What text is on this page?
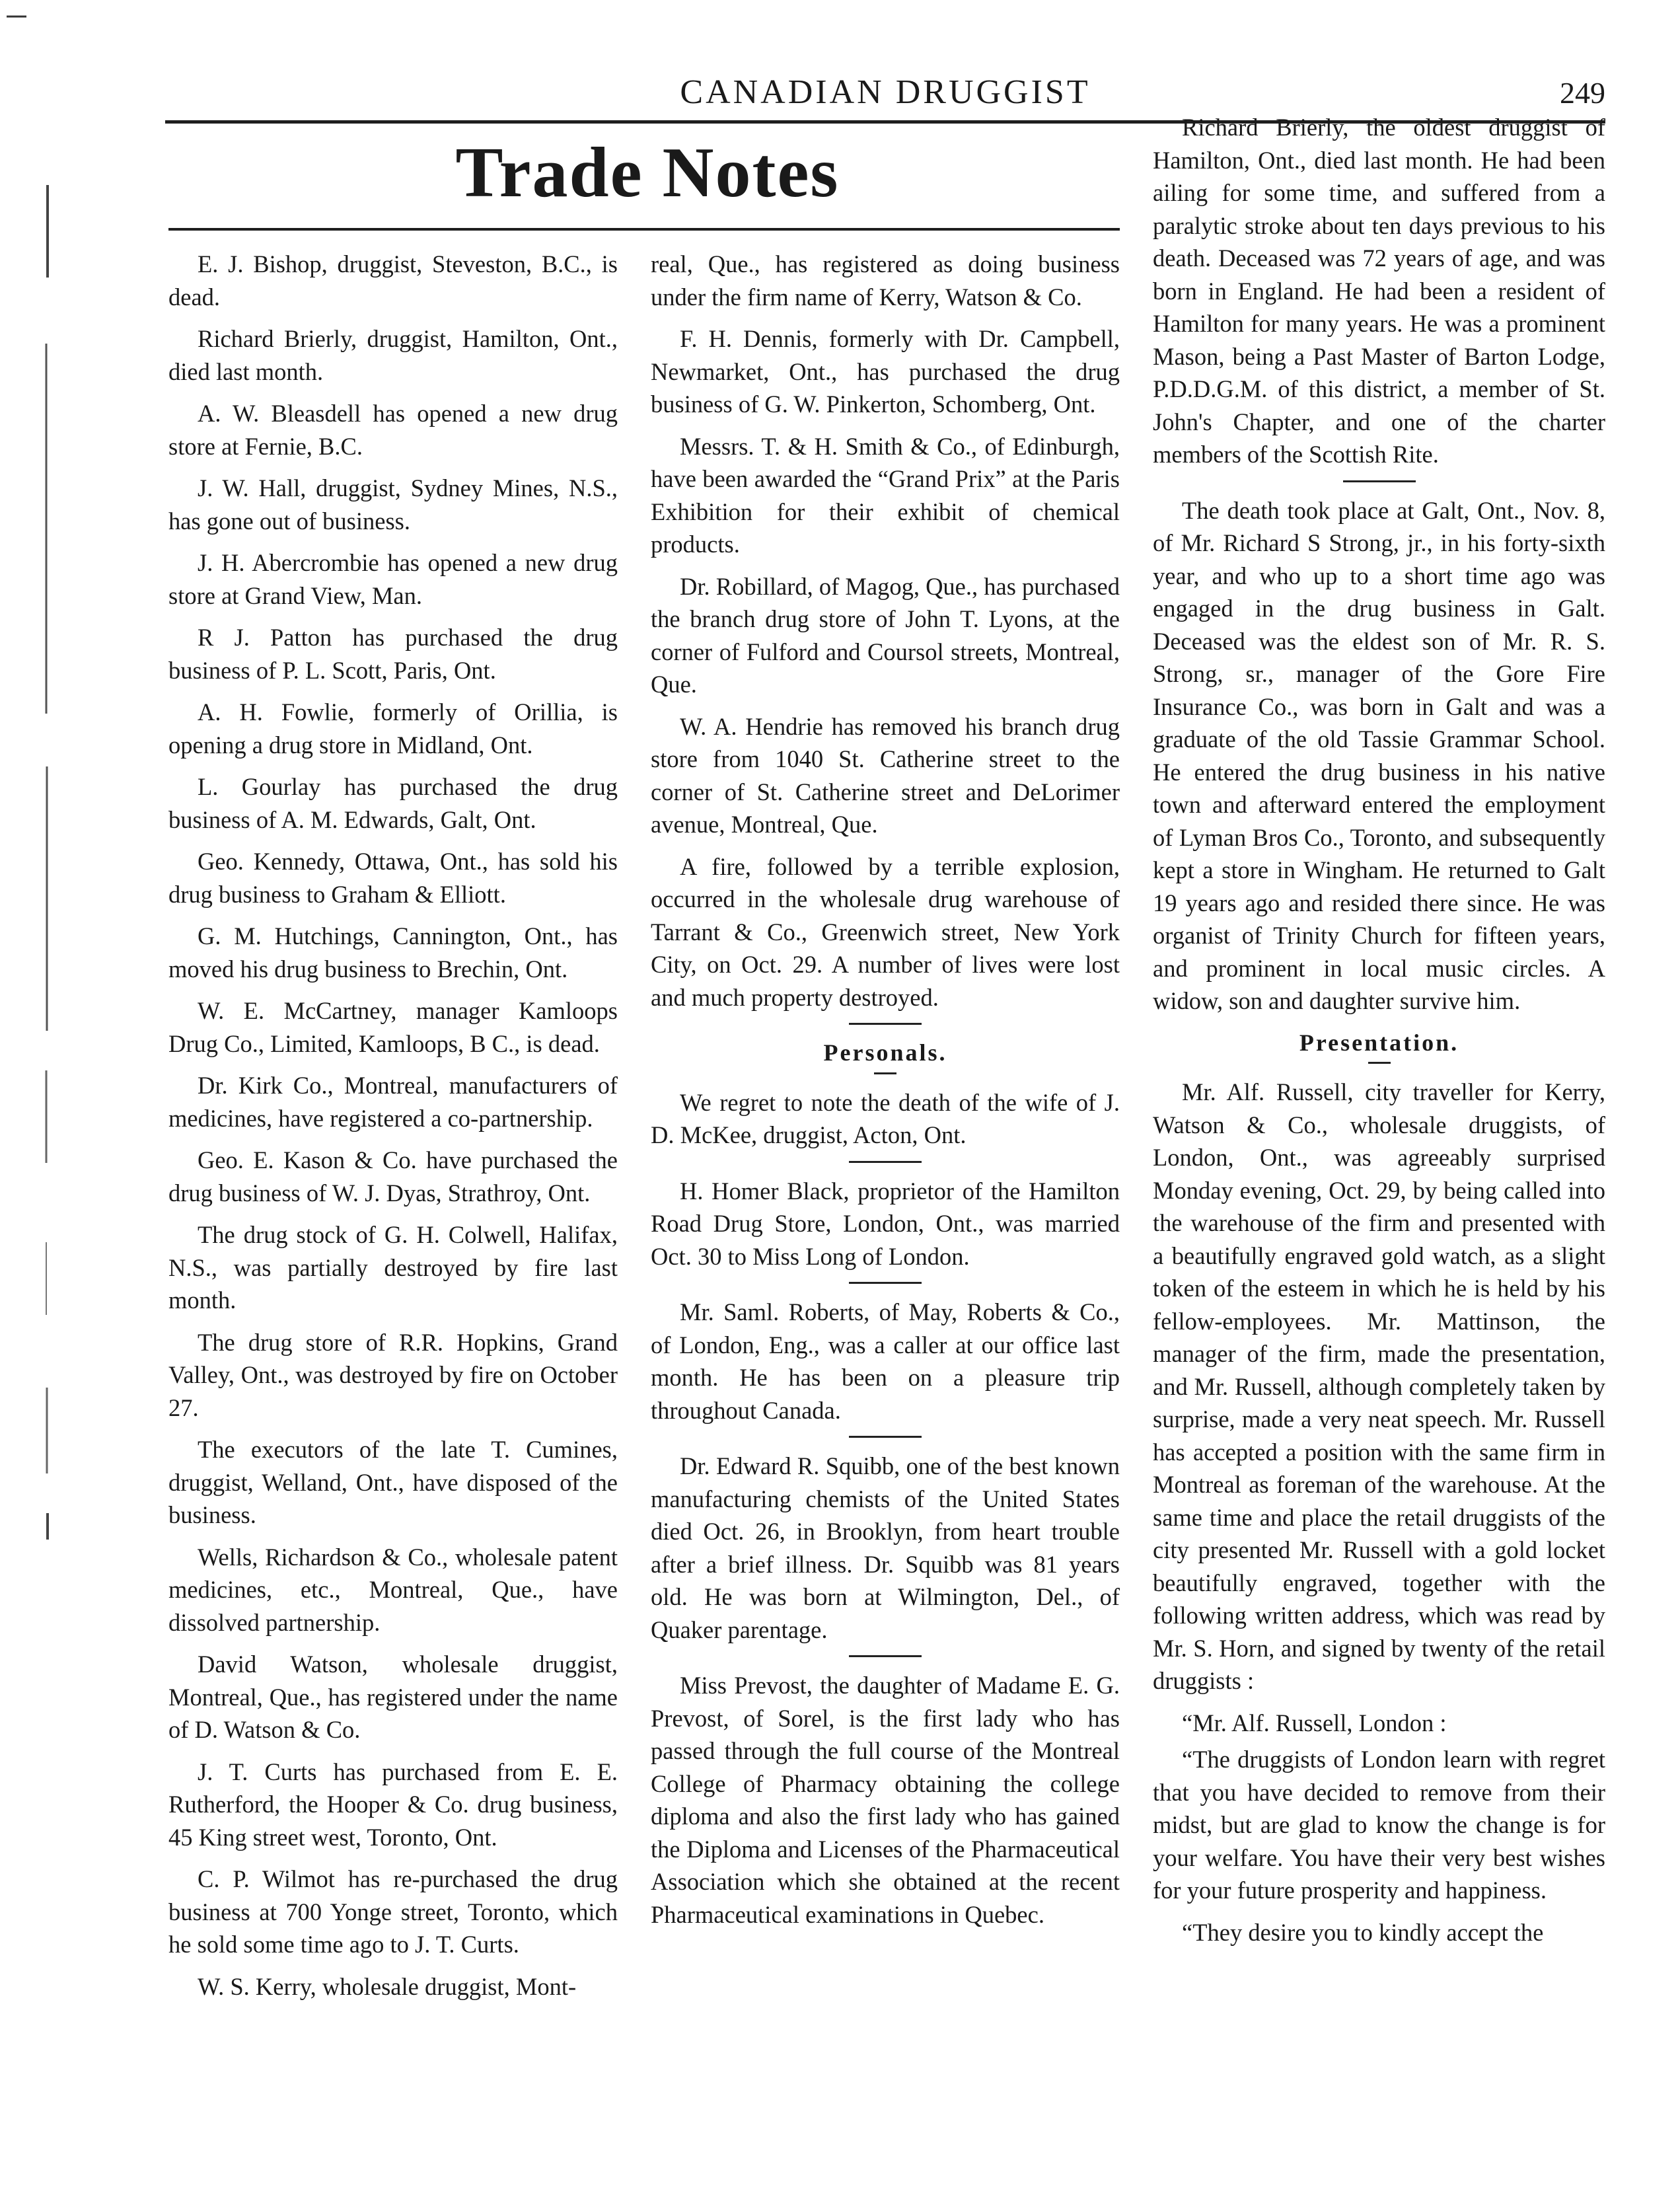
CANADIAN DRUGGIST	249
Trade Notes

E. J. Bishop, druggist, Steveston, B.C., is dead.

Richard Brierly, druggist, Hamilton, Ont., died last month.

A. W. Bleasdell has opened a new drug store at Fernie, B.C.

J. W. Hall, druggist, Sydney Mines, N.S., has gone out of business.

J. H. Abercrombie has opened a new drug store at Grand View, Man.

R J. Patton has purchased the drug business of P. L. Scott, Paris, Ont.

A. H. Fowlie, formerly of Orillia, is opening a drug store in Midland, Ont.

L. Gourlay has purchased the drug business of A. M. Edwards, Galt, Ont.

Geo. Kennedy, Ottawa, Ont., has sold his drug business to Graham & Elliott.

G. M. Hutchings, Cannington, Ont., has moved his drug business to Brechin, Ont.

W. E. McCartney, manager Kamloops Drug Co., Limited, Kamloops, B C., is dead.

Dr. Kirk Co., Montreal, manufacturers of medicines, have registered a co-partnership.

Geo. E. Kason & Co. have purchased the drug business of W. J. Dyas, Strathroy, Ont.

The drug stock of G. H. Colwell, Halifax, N.S., was partially destroyed by fire last month.

The drug store of R.R. Hopkins, Grand Valley, Ont., was destroyed by fire on October 27.

The executors of the late T. Cumines, druggist, Welland, Ont., have disposed of the business.

Wells, Richardson & Co., wholesale patent medicines, etc., Montreal, Que., have dissolved partnership.

David Watson, wholesale druggist, Montreal, Que., has registered under the name of D. Watson & Co.

J. T. Curts has purchased from E. E. Rutherford, the Hooper & Co. drug business, 45 King street west, Toronto, Ont.

C. P. Wilmot has re-purchased the drug business at 700 Yonge street, Toronto, which he sold some time ago to J. T. Curts.

W. S. Kerry, wholesale druggist, Mont-

real, Que., has registered as doing business under the firm name of Kerry, Watson & Co.

F. H. Dennis, formerly with Dr. Campbell, Newmarket, Ont., has purchased the drug business of G. W. Pinkerton, Schomberg, Ont.

Messrs. T. & H. Smith & Co., of Edinburgh, have been awarded the “Grand Prix” at the Paris Exhibition for their exhibit of chemical products.

Dr. Robillard, of Magog, Que., has purchased the branch drug store of John T. Lyons, at the corner of Fulford and Coursol streets, Montreal, Que.

W. A. Hendrie has removed his branch drug store from 1040 St. Catherine street to the corner of St. Catherine street and DeLorimer avenue, Montreal, Que.

A fire, followed by a terrible explosion, occurred in the wholesale drug warehouse of Tarrant & Co., Greenwich street, New York City, on Oct. 29. A number of lives were lost and much property destroyed.

Personals.

We regret to note the death of the wife of J. D. McKee, druggist, Acton, Ont.

H. Homer Black, proprietor of the Hamilton Road Drug Store, London, Ont., was married Oct. 30 to Miss Long of London.

Mr. Saml. Roberts, of May, Roberts & Co., of London, Eng., was a caller at our office last month. He has been on a pleasure trip throughout Canada.

Dr. Edward R. Squibb, one of the best known manufacturing chemists of the United States died Oct. 26, in Brooklyn, from heart trouble after a brief illness. Dr. Squibb was 81 years old. He was born at Wilmington, Del., of Quaker parentage.

Miss Prevost, the daughter of Madame E. G. Prevost, of Sorel, is the first lady who has passed through the full course of the Montreal College of Pharmacy obtaining the college diploma and also the first lady who has gained the Diploma and Licenses of the Pharmaceutical Association which she obtained at the recent Pharmaceutical examinations in Quebec.

Richard Brierly, the oldest druggist of Hamilton, Ont., died last month. He had been ailing for some time, and suffered from a paralytic stroke about ten days previous to his death. Deceased was 72 years of age, and was born in England. He had been a resident of Hamilton for many years. He was a prominent Mason, being a Past Master of Barton Lodge, P.D.D.G.M. of this district, a member of St. John's Chapter, and one of the charter members of the Scottish Rite.

The death took place at Galt, Ont., Nov. 8, of Mr. Richard S Strong, jr., in his forty-sixth year, and who up to a short time ago was engaged in the drug business in Galt. Deceased was the eldest son of Mr. R. S. Strong, sr., manager of the Gore Fire Insurance Co., was born in Galt and was a graduate of the old Tassie Grammar School. He entered the drug business in his native town and afterward entered the employment of Lyman Bros Co., Toronto, and subsequently kept a store in Wingham. He returned to Galt 19 years ago and resided there since. He was organist of Trinity Church for fifteen years, and prominent in local music circles. A widow, son and daughter survive him.

Presentation.

Mr. Alf. Russell, city traveller for Kerry, Watson & Co., wholesale druggists, of London, Ont., was agreeably surprised Monday evening, Oct. 29, by being called into the warehouse of the firm and presented with a beautifully engraved gold watch, as a slight token of the esteem in which he is held by his fellow-employees. Mr. Mattinson, the manager of the firm, made the presentation, and Mr. Russell, although completely taken by surprise, made a very neat speech. Mr. Russell has accepted a position with the same firm in Montreal as foreman of the warehouse. At the same time and place the retail druggists of the city presented Mr. Russell with a gold locket beautifully engraved, together with the following written address, which was read by Mr. S. Horn, and signed by twenty of the retail druggists :

“Mr. Alf. Russell, London :

“The druggists of London learn with regret that you have decided to remove from their midst, but are glad to know the change is for your welfare. You have their very best wishes for your future prosperity and happiness.

“They desire you to kindly accept the
